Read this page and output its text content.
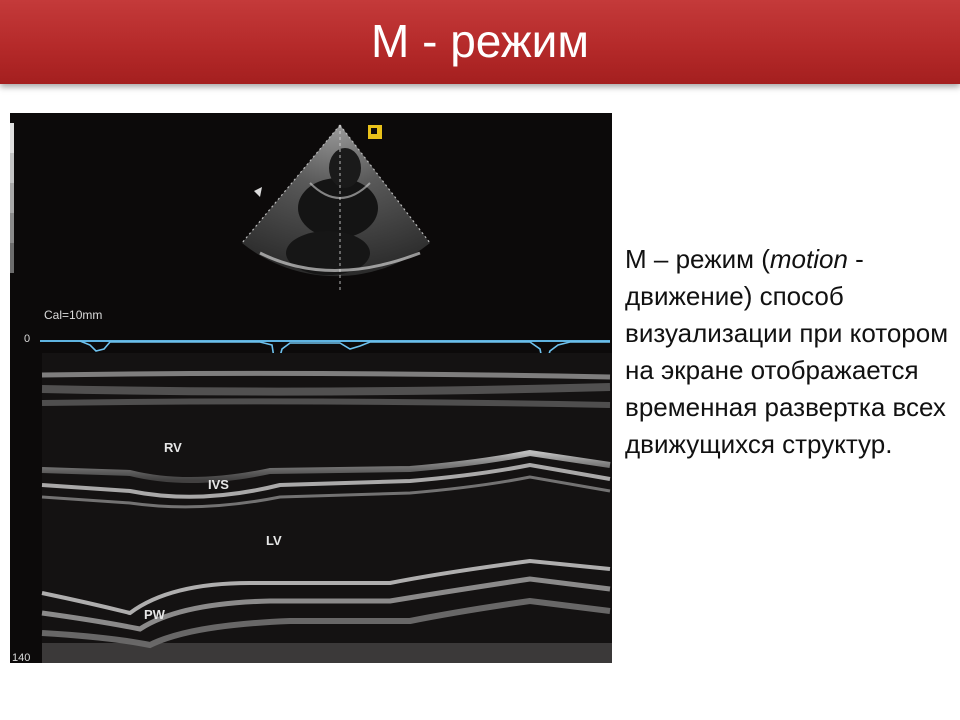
М - режим
Cal=10mm
0
140
RV
IVS
LV
PW
М – режим (motion - движение) способ визуализации при котором на экране отображается временная развертка всех движущихся структур.
